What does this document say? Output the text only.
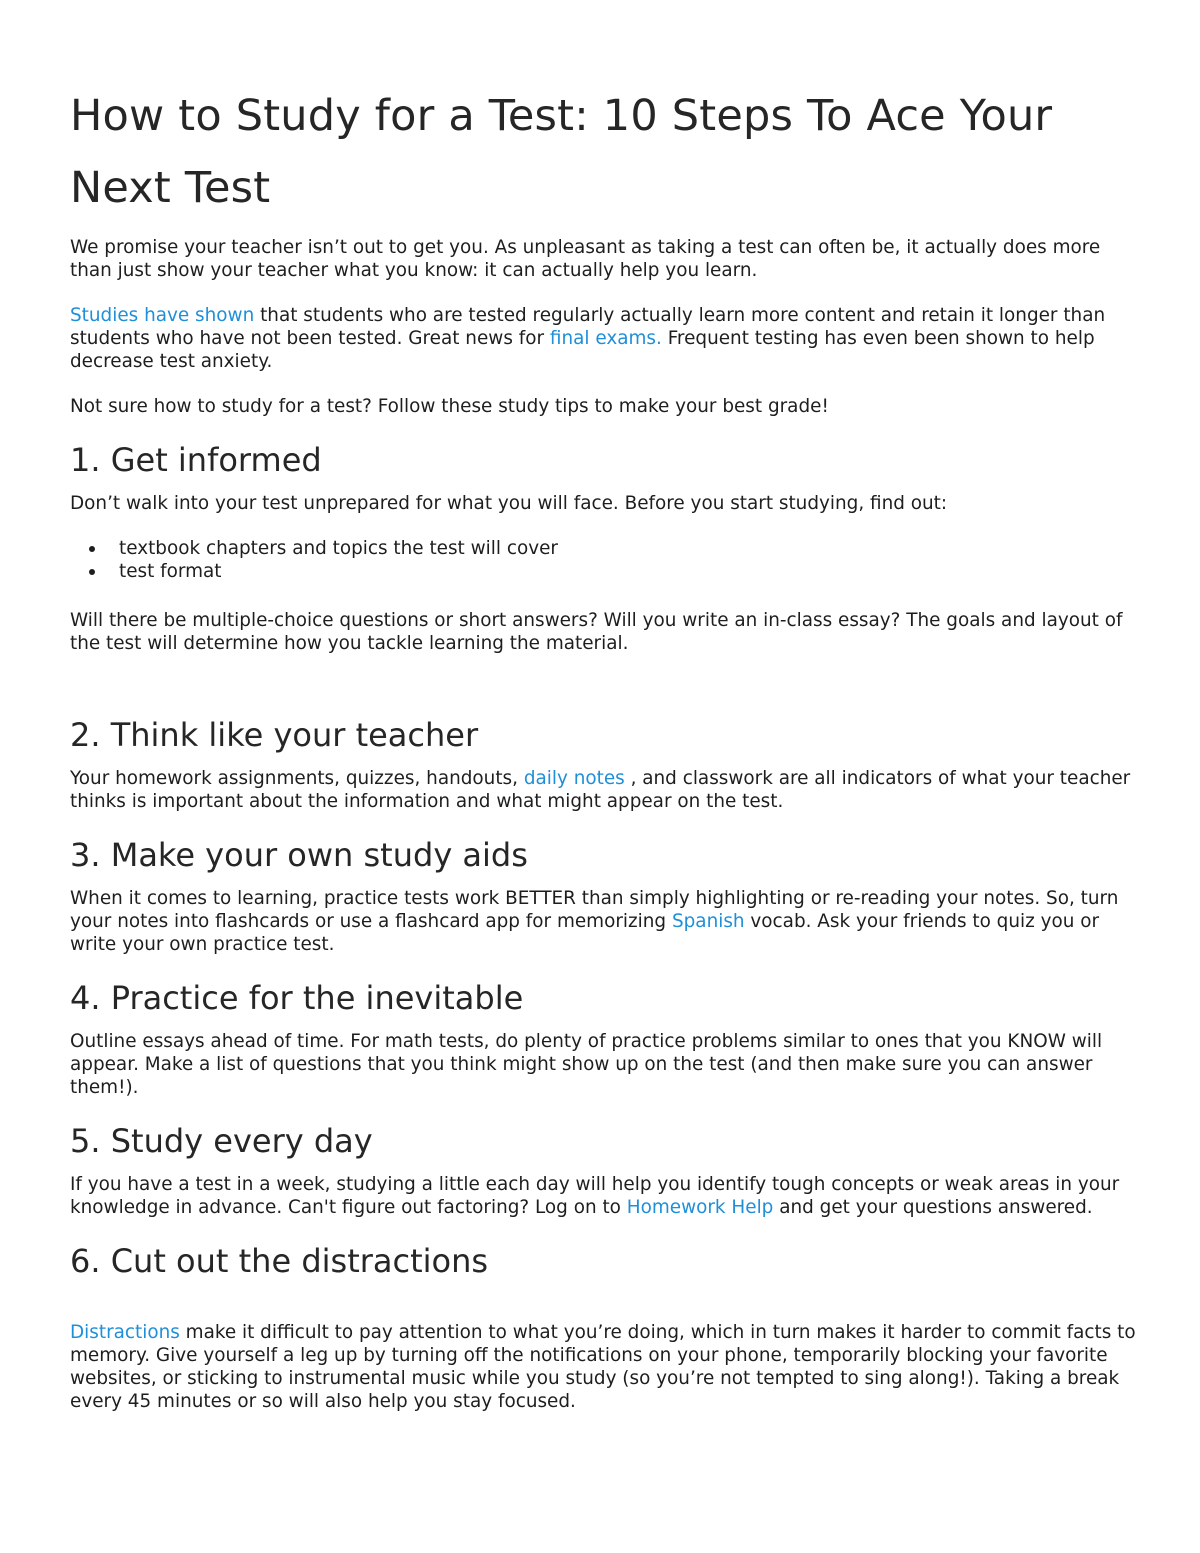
How to Study for a Test: 10 Steps To Ace Your Next Test

We promise your teacher isn’t out to get you. As unpleasant as taking a test can often be, it actually does more than just show your teacher what you know: it can actually help you learn.

Studies have shown that students who are tested regularly actually learn more content and retain it longer than students who have not been tested. Great news for final exams. Frequent testing has even been shown to help decrease test anxiety.

Not sure how to study for a test? Follow these study tips to make your best grade!

1. Get informed

Don’t walk into your test unprepared for what you will face. Before you start studying, find out:

textbook chapters and topics the test will cover
test format

Will there be multiple-choice questions or short answers? Will you write an in-class essay? The goals and layout of the test will determine how you tackle learning the material.

2. Think like your teacher

Your homework assignments, quizzes, handouts, daily notes , and classwork are all indicators of what your teacher thinks is important about the information and what might appear on the test.

3. Make your own study aids

When it comes to learning, practice tests work BETTER than simply highlighting or re-reading your notes. So, turn your notes into flashcards or use a flashcard app for memorizing Spanish vocab. Ask your friends to quiz you or write your own practice test.

4. Practice for the inevitable

Outline essays ahead of time. For math tests, do plenty of practice problems similar to ones that you KNOW will appear. Make a list of questions that you think might show up on the test (and then make sure you can answer them!).

5. Study every day

If you have a test in a week, studying a little each day will help you identify tough concepts or weak areas in your knowledge in advance. Can't figure out factoring? Log on to Homework Help and get your questions answered.

6. Cut out the distractions

Distractions make it difficult to pay attention to what you’re doing, which in turn makes it harder to commit facts to memory. Give yourself a leg up by turning off the notifications on your phone, temporarily blocking your favorite websites, or sticking to instrumental music while you study (so you’re not tempted to sing along!). Taking a break every 45 minutes or so will also help you stay focused.
